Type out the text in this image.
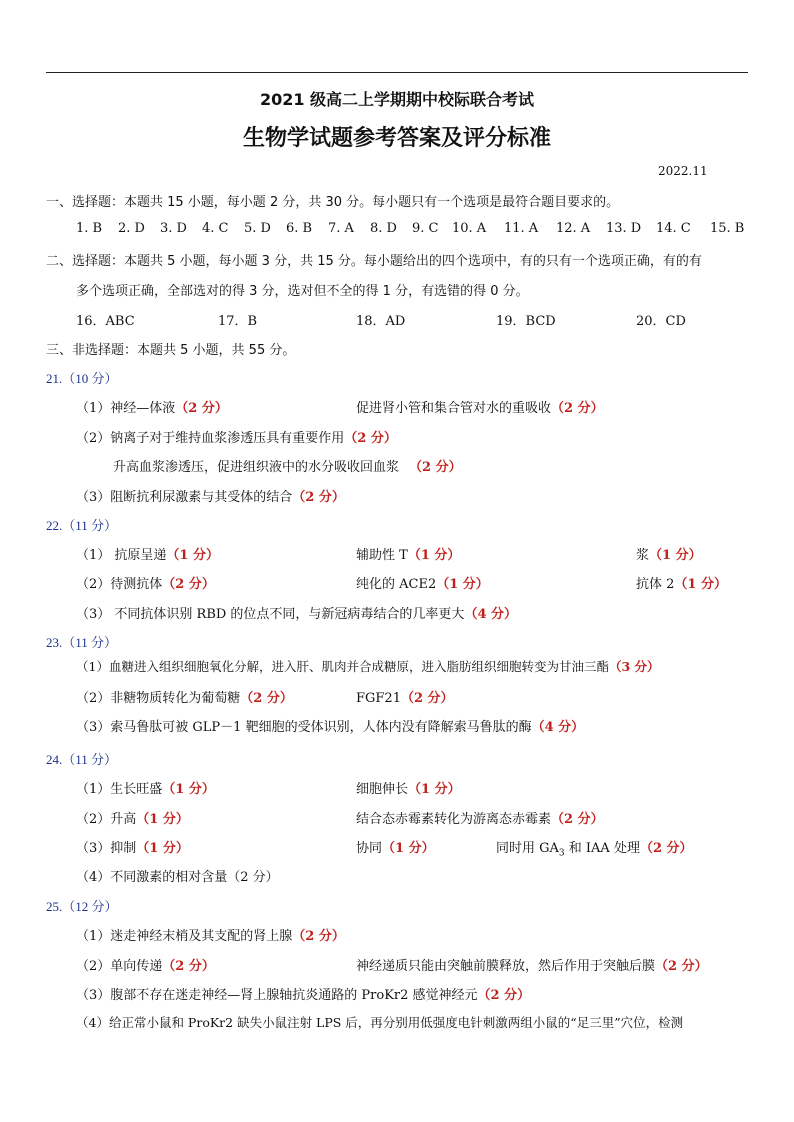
2021 级高二上学期期中校际联合考试
生物学试题参考答案及评分标准
2022.11
一、选择题：本题共 15 小题，每小题 2 分，共 30 分。每小题只有一个选项是最符合题目要求的。
1. B 2. D 3. D 4. C 5. D 6. B 7. A 8. D 9. C 10. A 11. A 12. A 13. D 14. C 15. B
二、选择题：本题共 5 小题，每小题 3 分，共 15 分。每小题给出的四个选项中，有的只有一个选项正确，有的有
多个选项正确，全部选对的得 3 分，选对但不全的得 1 分，有选错的得 0 分。
16．ABC	17．B	18．AD	19．BCD	20．CD
三、非选择题：本题共 5 小题，共 55 分。
21.（10 分）
（1）神经—体液（2 分）	促进肾小管和集合管对水的重吸收（2 分）
（2）钠离子对于维持血浆渗透压具有重要作用（2 分）
升高血浆渗透压，促进组织液中的水分吸收回血浆 （2 分）
（3）阻断抗利尿激素与其受体的结合（2 分）
22.（11 分）
（1） 抗原呈递（1 分）	辅助性 T（1 分）	浆（1 分）
（2）待测抗体（2 分）	纯化的 ACE2（1 分）	抗体 2（1 分）
（3） 不同抗体识别 RBD 的位点不同，与新冠病毒结合的几率更大（4 分）
23.（11 分）
（1）血糖进入组织细胞氧化分解，进入肝、肌肉并合成糖原，进入脂肪组织细胞转变为甘油三酯（3 分）
（2）非糖物质转化为葡萄糖（2 分）	FGF21（2 分）
（3）索马鲁肽可被 GLP－1 靶细胞的受体识别，人体内没有降解索马鲁肽的酶（4 分）
24.（11 分）
（1）生长旺盛（1 分）	细胞伸长（1 分）
（2）升高（1 分）	结合态赤霉素转化为游离态赤霉素（2 分）
（3）抑制（1 分）	协同（1 分）	同时用 $GA_3$ 和 IAA 处理（2 分）
（4）不同激素的相对含量（2 分）
25.（12 分）
（1）迷走神经末梢及其支配的肾上腺（2 分）
（2）单向传递（2 分）	神经递质只能由突触前膜释放，然后作用于突触后膜（2 分）
（3）腹部不存在迷走神经—肾上腺轴抗炎通路的 ProKr2 感觉神经元（2 分）
（4）给正常小鼠和 ProKr2 缺失小鼠注射 LPS 后，再分别用低强度电针刺激两组小鼠的“足三里”穴位，检测
